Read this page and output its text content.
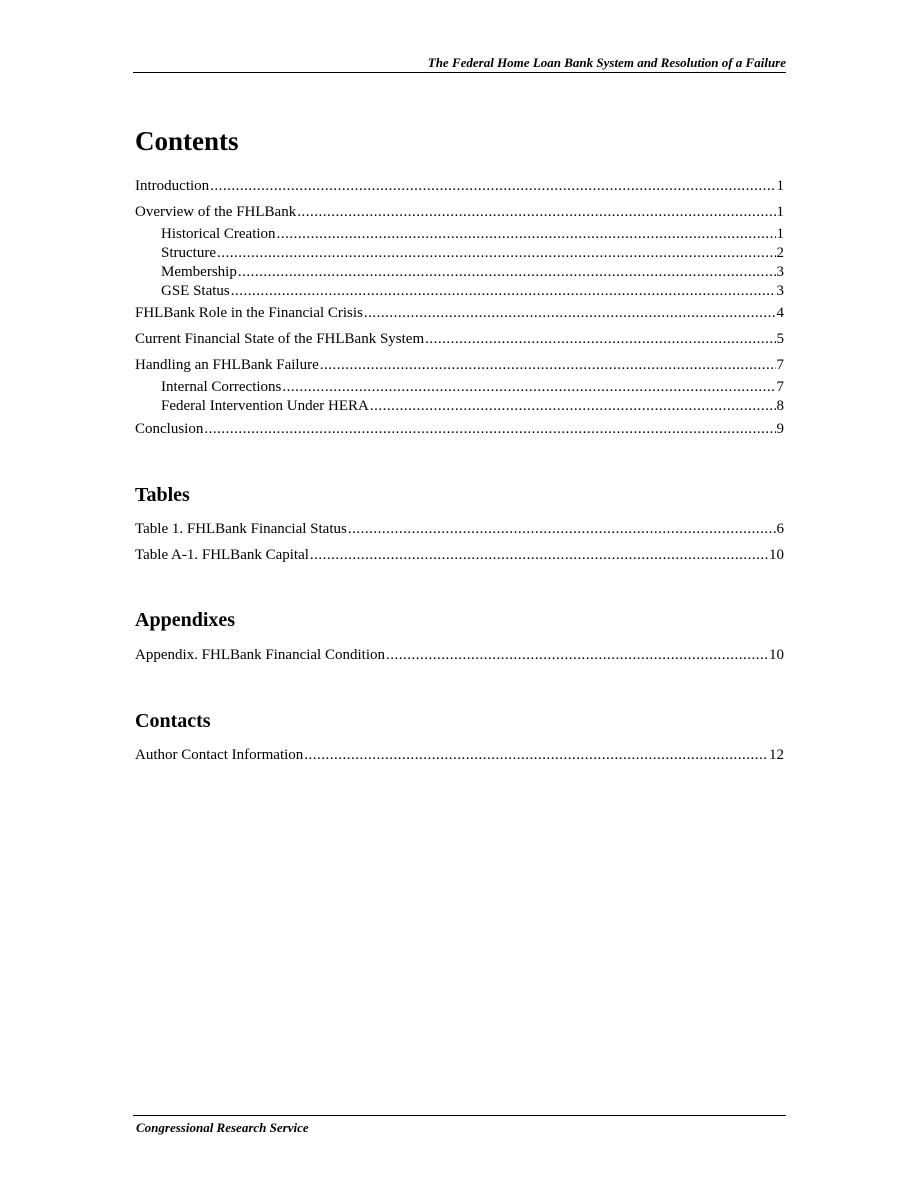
The Federal Home Loan Bank System and Resolution of a Failure
Contents
Introduction .....	1
Overview of the FHLBank .....	1
Historical Creation .....	1
Structure .....	2
Membership .....	3
GSE Status .....	3
FHLBank Role in the Financial Crisis .....	4
Current Financial State of the FHLBank System .....	5
Handling an FHLBank Failure .....	7
Internal Corrections .....	7
Federal Intervention Under HERA .....	8
Conclusion .....	9
Tables
Table 1. FHLBank Financial Status .....	6
Table A-1. FHLBank Capital .....	10
Appendixes
Appendix. FHLBank Financial Condition .....	10
Contacts
Author Contact Information .....	12
Congressional Research Service
